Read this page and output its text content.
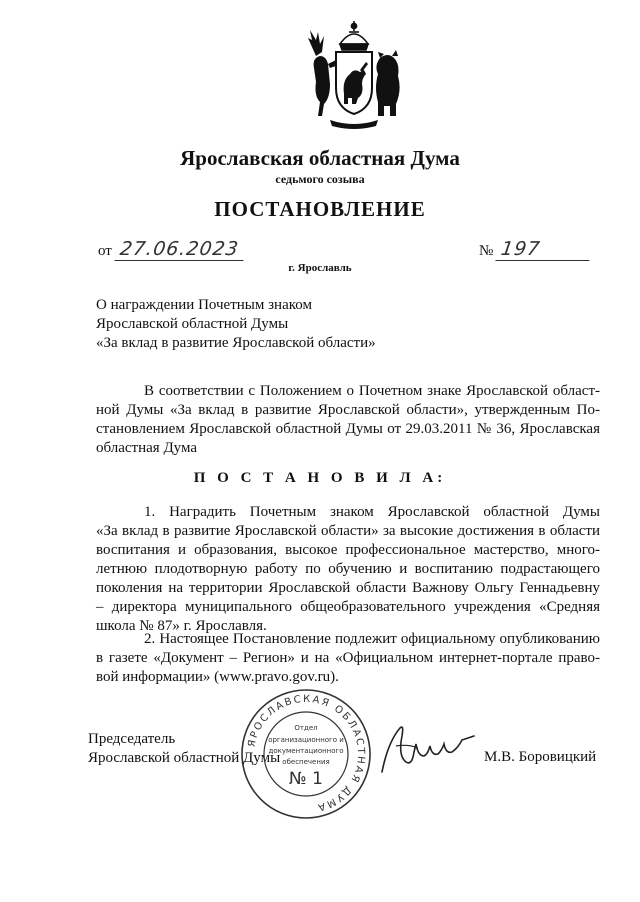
Ярославская областная Дума
седьмого созыва
ПОСТАНОВЛЕНИЕ
от 27.06.2023	№ 197
г. Ярославль
О награждении Почетным знаком
Ярославской областной Думы
«За вклад в развитие Ярославской области»
В соответствии с Положением о Почетном знаке Ярославской област-
ной Думы «За вклад в развитие Ярославской области», утвержденным По-
становлением Ярославской областной Думы от 29.03.2011 № 36, Ярославская
областная Дума
П О С Т А Н О В И Л А:
1. Наградить Почетным знаком Ярославской областной Думы
«За вклад в развитие Ярославской области» за высокие достижения в области
воспитания и образования, высокое профессиональное мастерство, много-
летнюю плодотворную работу по обучению и воспитанию подрастающего
поколения на территории Ярославской области Важнову Ольгу Геннадьевну
– директора муниципального общеобразовательного учреждения «Средняя
школа № 87» г. Ярославля.
2. Настоящее Постановление подлежит официальному опубликованию
в газете «Документ – Регион» и на «Официальном интернет-портале право-
вой информации» (www.pravo.gov.ru).
Председатель
Ярославской областной Думы
ЯРОСЛАВСКАЯ ОБЛАСТНАЯ ДУМА
Отдел
организационного и
документационного
обеспечения
№ 1
М.В. Боровицкий
